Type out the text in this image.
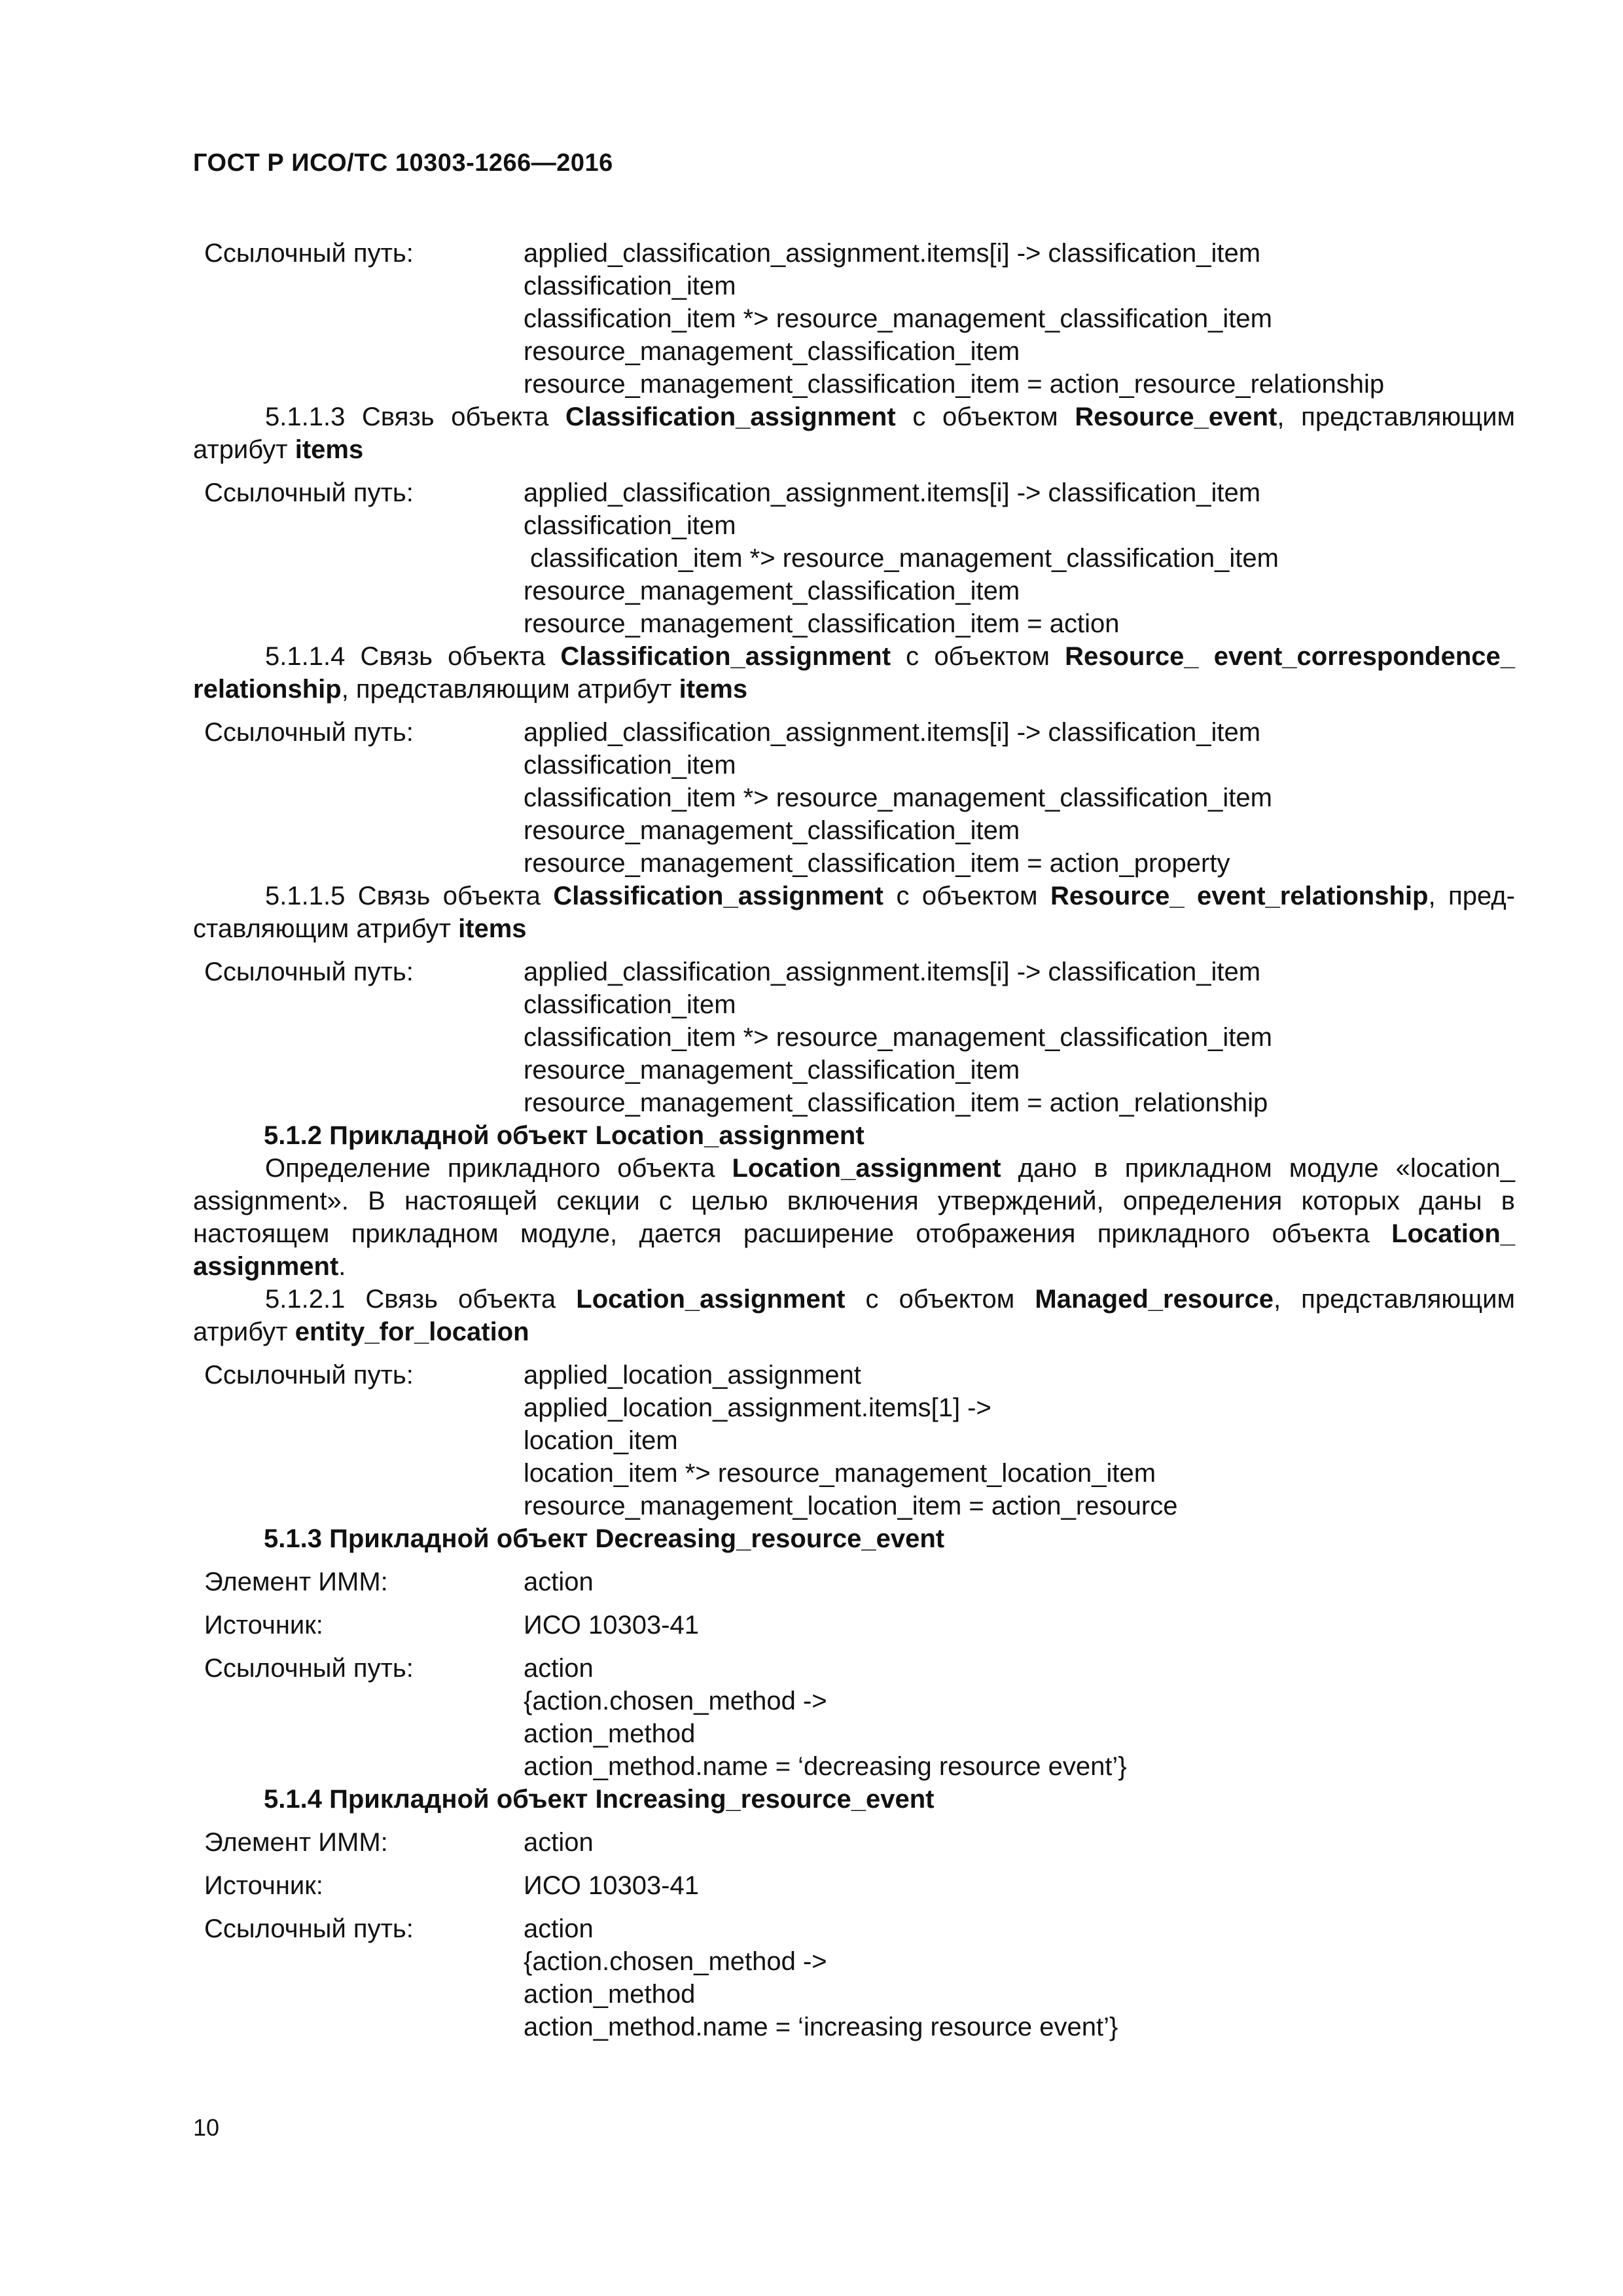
ГОСТ Р ИСО/ТС 10303-1266—2016
Ссылочный путь:	applied_classification_assignment.items[i] -> classification_item
classification_item
classification_item *> resource_management_classification_item
resource_management_classification_item
resource_management_classification_item = action_resource_relationship
5.1.1.3 Связь объекта Classification_assignment с объектом Resource_event, представляющим атрибут items
Ссылочный путь:	applied_classification_assignment.items[i] -> classification_item
classification_item
classification_item *> resource_management_classification_item
resource_management_classification_item
resource_management_classification_item = action
5.1.1.4 Связь объекта Classification_assignment с объектом Resource_ event_correspondence_ relationship, представляющим атрибут items
Ссылочный путь:	applied_classification_assignment.items[i] -> classification_item
classification_item
classification_item *> resource_management_classification_item
resource_management_classification_item
resource_management_classification_item = action_property
5.1.1.5 Связь объекта Classification_assignment с объектом Resource_ event_relationship, представляющим атрибут items
Ссылочный путь:	applied_classification_assignment.items[i] -> classification_item
classification_item
classification_item *> resource_management_classification_item
resource_management_classification_item
resource_management_classification_item = action_relationship
5.1.2 Прикладной объект Location_assignment
Определение прикладного объекта Location_assignment дано в прикладном модуле «location_ assignment». В настоящей секции с целью включения утверждений, определения которых даны в настоящем прикладном модуле, дается расширение отображения прикладного объекта Location_ assignment.
5.1.2.1 Связь объекта Location_assignment с объектом Managed_resource, представляющим атрибут entity_for_location
Ссылочный путь:	applied_location_assignment
applied_location_assignment.items[1] ->
location_item
location_item *> resource_management_location_item
resource_management_location_item = action_resource
5.1.3 Прикладной объект Decreasing_resource_event
Элемент ИММ:	action
Источник:	ИСО 10303-41
Ссылочный путь:	action
{action.chosen_method ->
action_method
action_method.name = ‘decreasing resource event’}
5.1.4 Прикладной объект Increasing_resource_event
Элемент ИММ:	action
Источник:	ИСО 10303-41
Ссылочный путь:	action
{action.chosen_method ->
action_method
action_method.name = ‘increasing resource event’}
10
